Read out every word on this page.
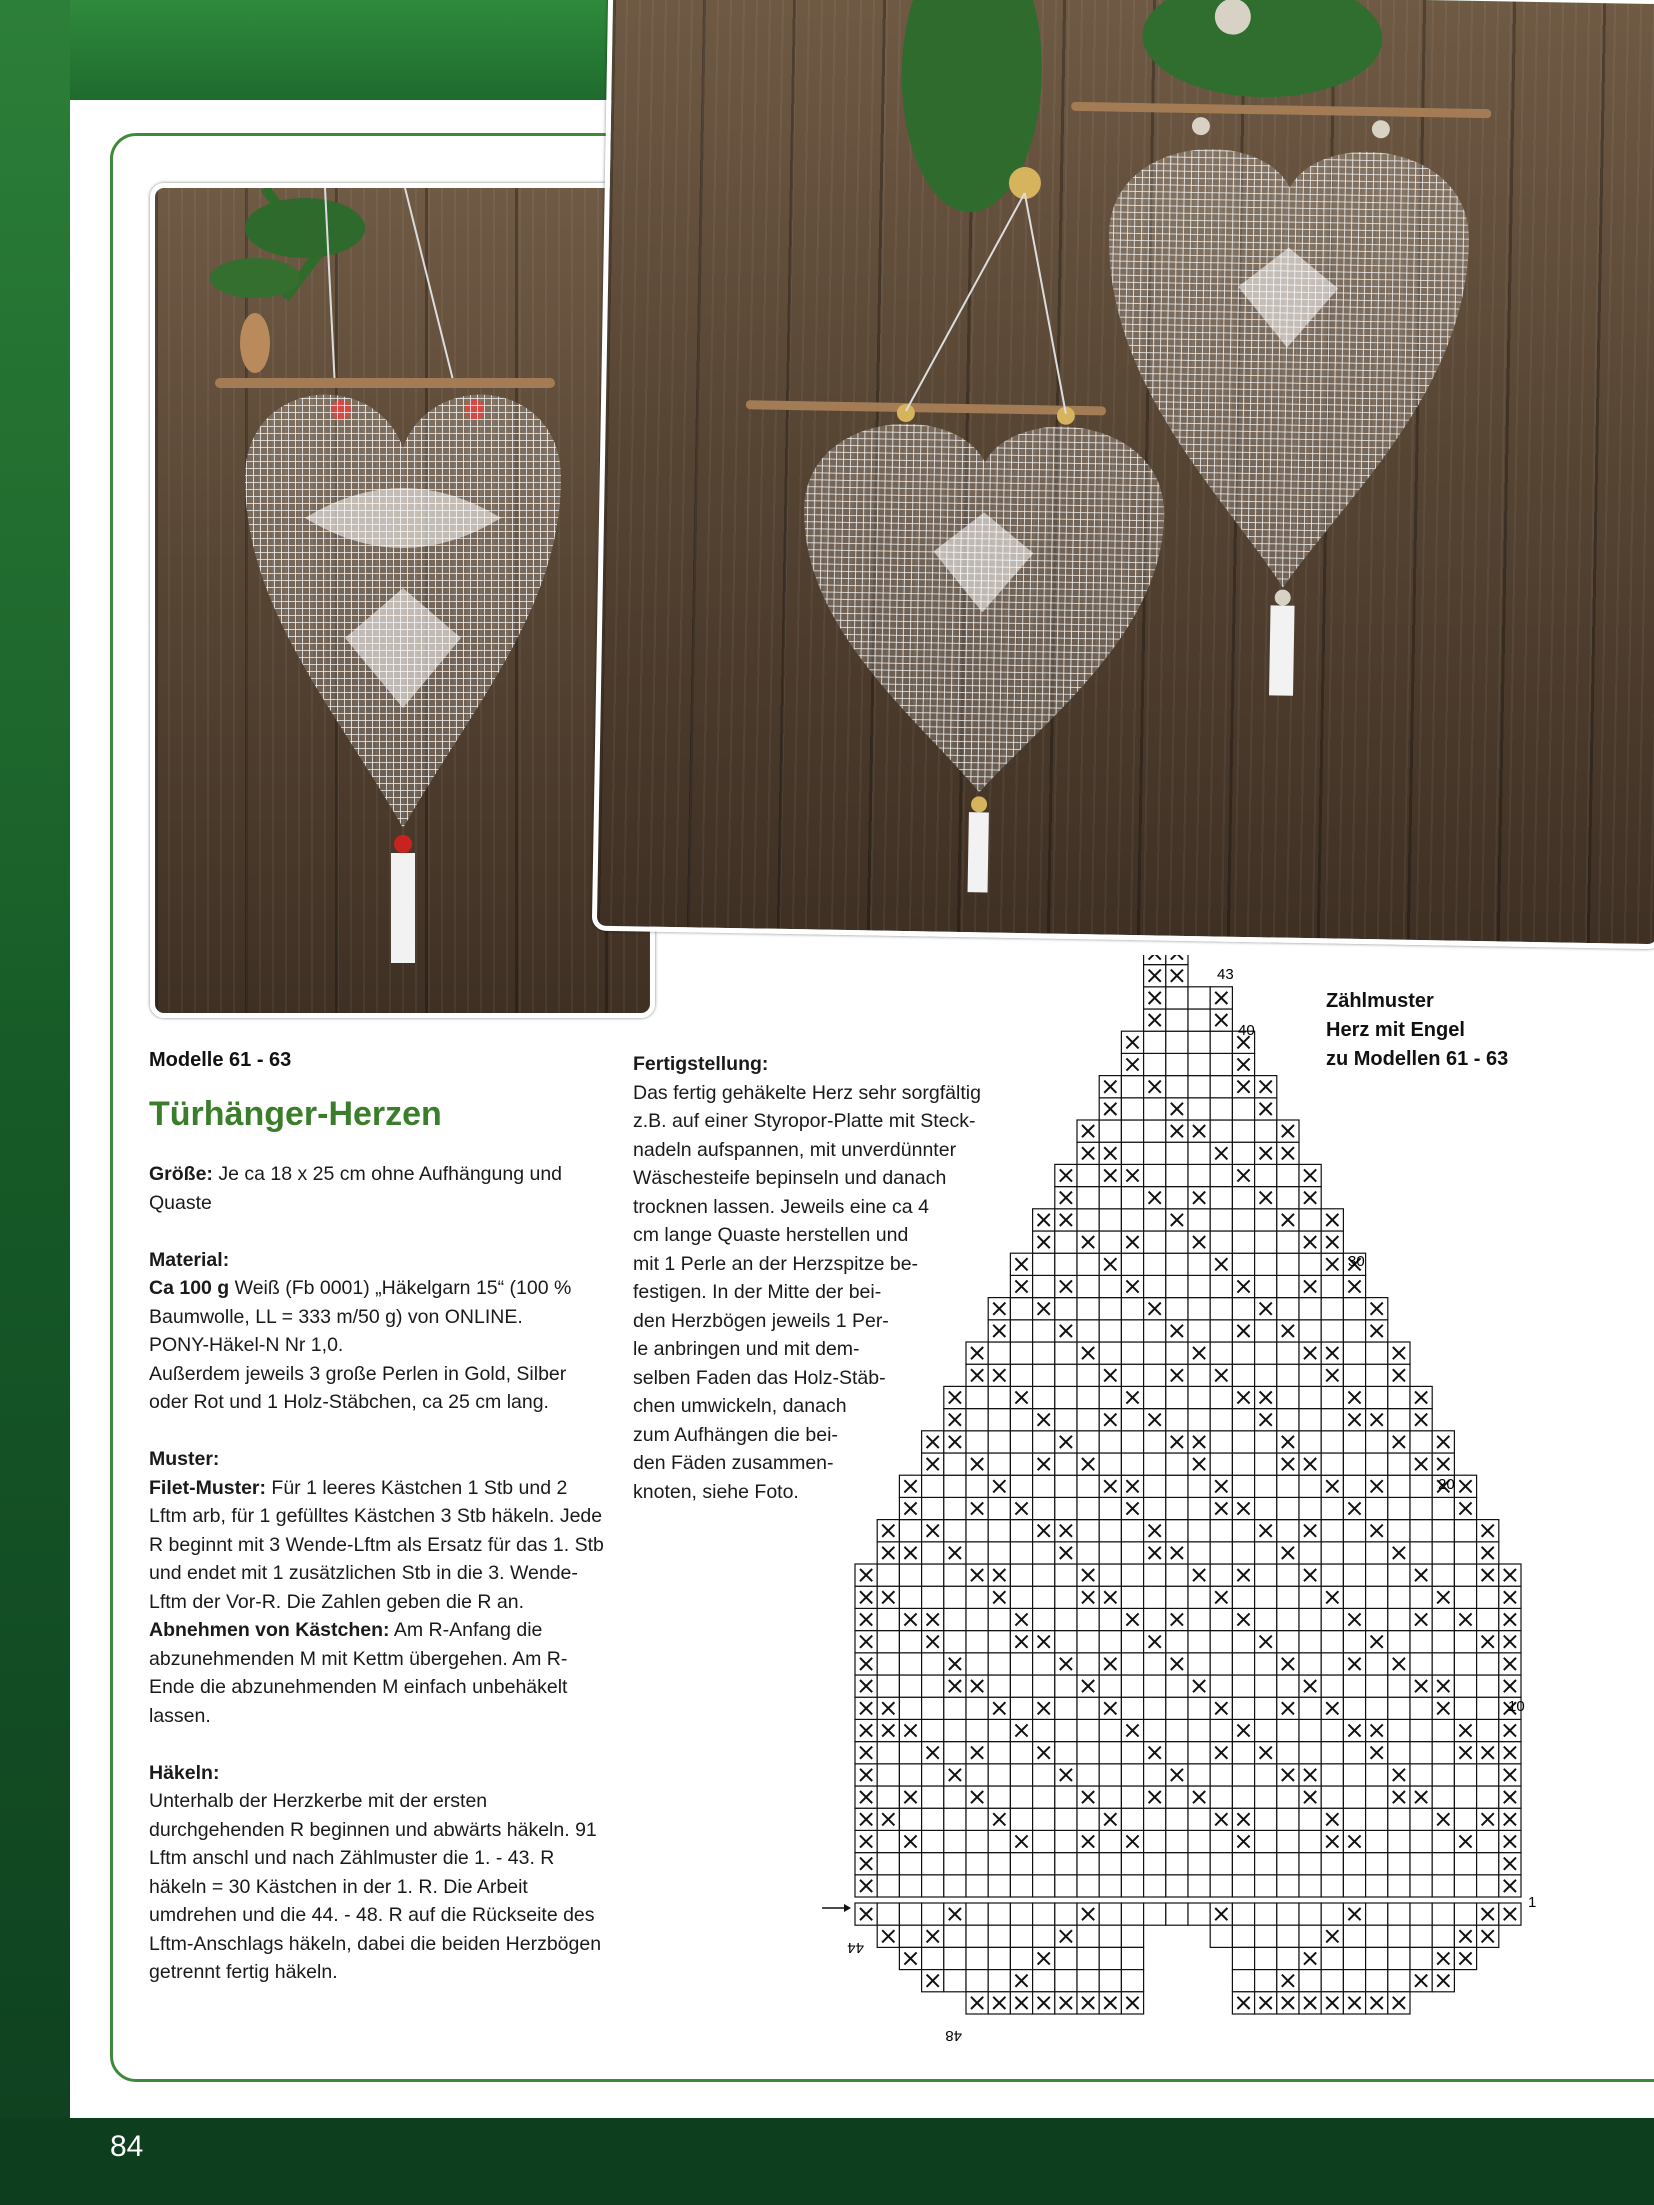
Modelle 61 - 63
Türhänger-Herzen

Größe: Je ca 18 x 25 cm ohne Aufhängung und Quaste

Material:
Ca 100 g Weiß (Fb 0001) „Häkelgarn 15“ (100 % Baumwolle, LL = 333 m/50 g) von ONLINE.
PONY-Häkel-N Nr 1,0.
Außerdem jeweils 3 große Perlen in Gold, Silber oder Rot und 1 Holz-Stäbchen, ca 25 cm lang.

Muster:
Filet-Muster: Für 1 leeres Kästchen 1 Stb und 2 Lftm arb, für 1 gefülltes Kästchen 3 Stb häkeln. Jede R beginnt mit 3 Wende-Lftm als Ersatz für das 1. Stb und endet mit 1 zusätzlichen Stb in die 3. Wende-Lftm der Vor-R. Die Zahlen geben die R an.
Abnehmen von Kästchen: Am R-Anfang die abzunehmenden M mit Kettm übergehen. Am R-Ende die abzunehmenden M einfach unbehäkelt lassen.

Häkeln:
Unterhalb der Herzkerbe mit der ersten durchgehenden R beginnen und abwärts häkeln. 91 Lftm anschl und nach Zählmuster die 1. - 43. R häkeln = 30 Kästchen in der 1. R. Die Arbeit umdrehen und die 44. - 48. R auf die Rückseite des Lftm-Anschlags häkeln, dabei die beiden Herzbögen getrennt fertig häkeln.

Fertigstellung:
Das fertig gehäkelte Herz sehr sorgfältig
z.B. auf einer Styropor-Platte mit Steck-
nadeln aufspannen, mit unverdünnter
Wäschesteife bepinseln und danach
trocknen lassen. Jeweils eine ca 4
cm lange Quaste herstellen und
mit 1 Perle an der Herzspitze be-
festigen. In der Mitte der bei-
den Herzbögen jeweils 1 Per-
le anbringen und mit dem-
selben Faden das Holz-Stäb-
chen umwickeln, danach
zum Aufhängen die bei-
den Fäden zusammen-
knoten, siehe Foto.
Zählmuster
Herz mit Engel
zu Modellen 61 - 63
43
40
30
20
10
1
44
48
84
